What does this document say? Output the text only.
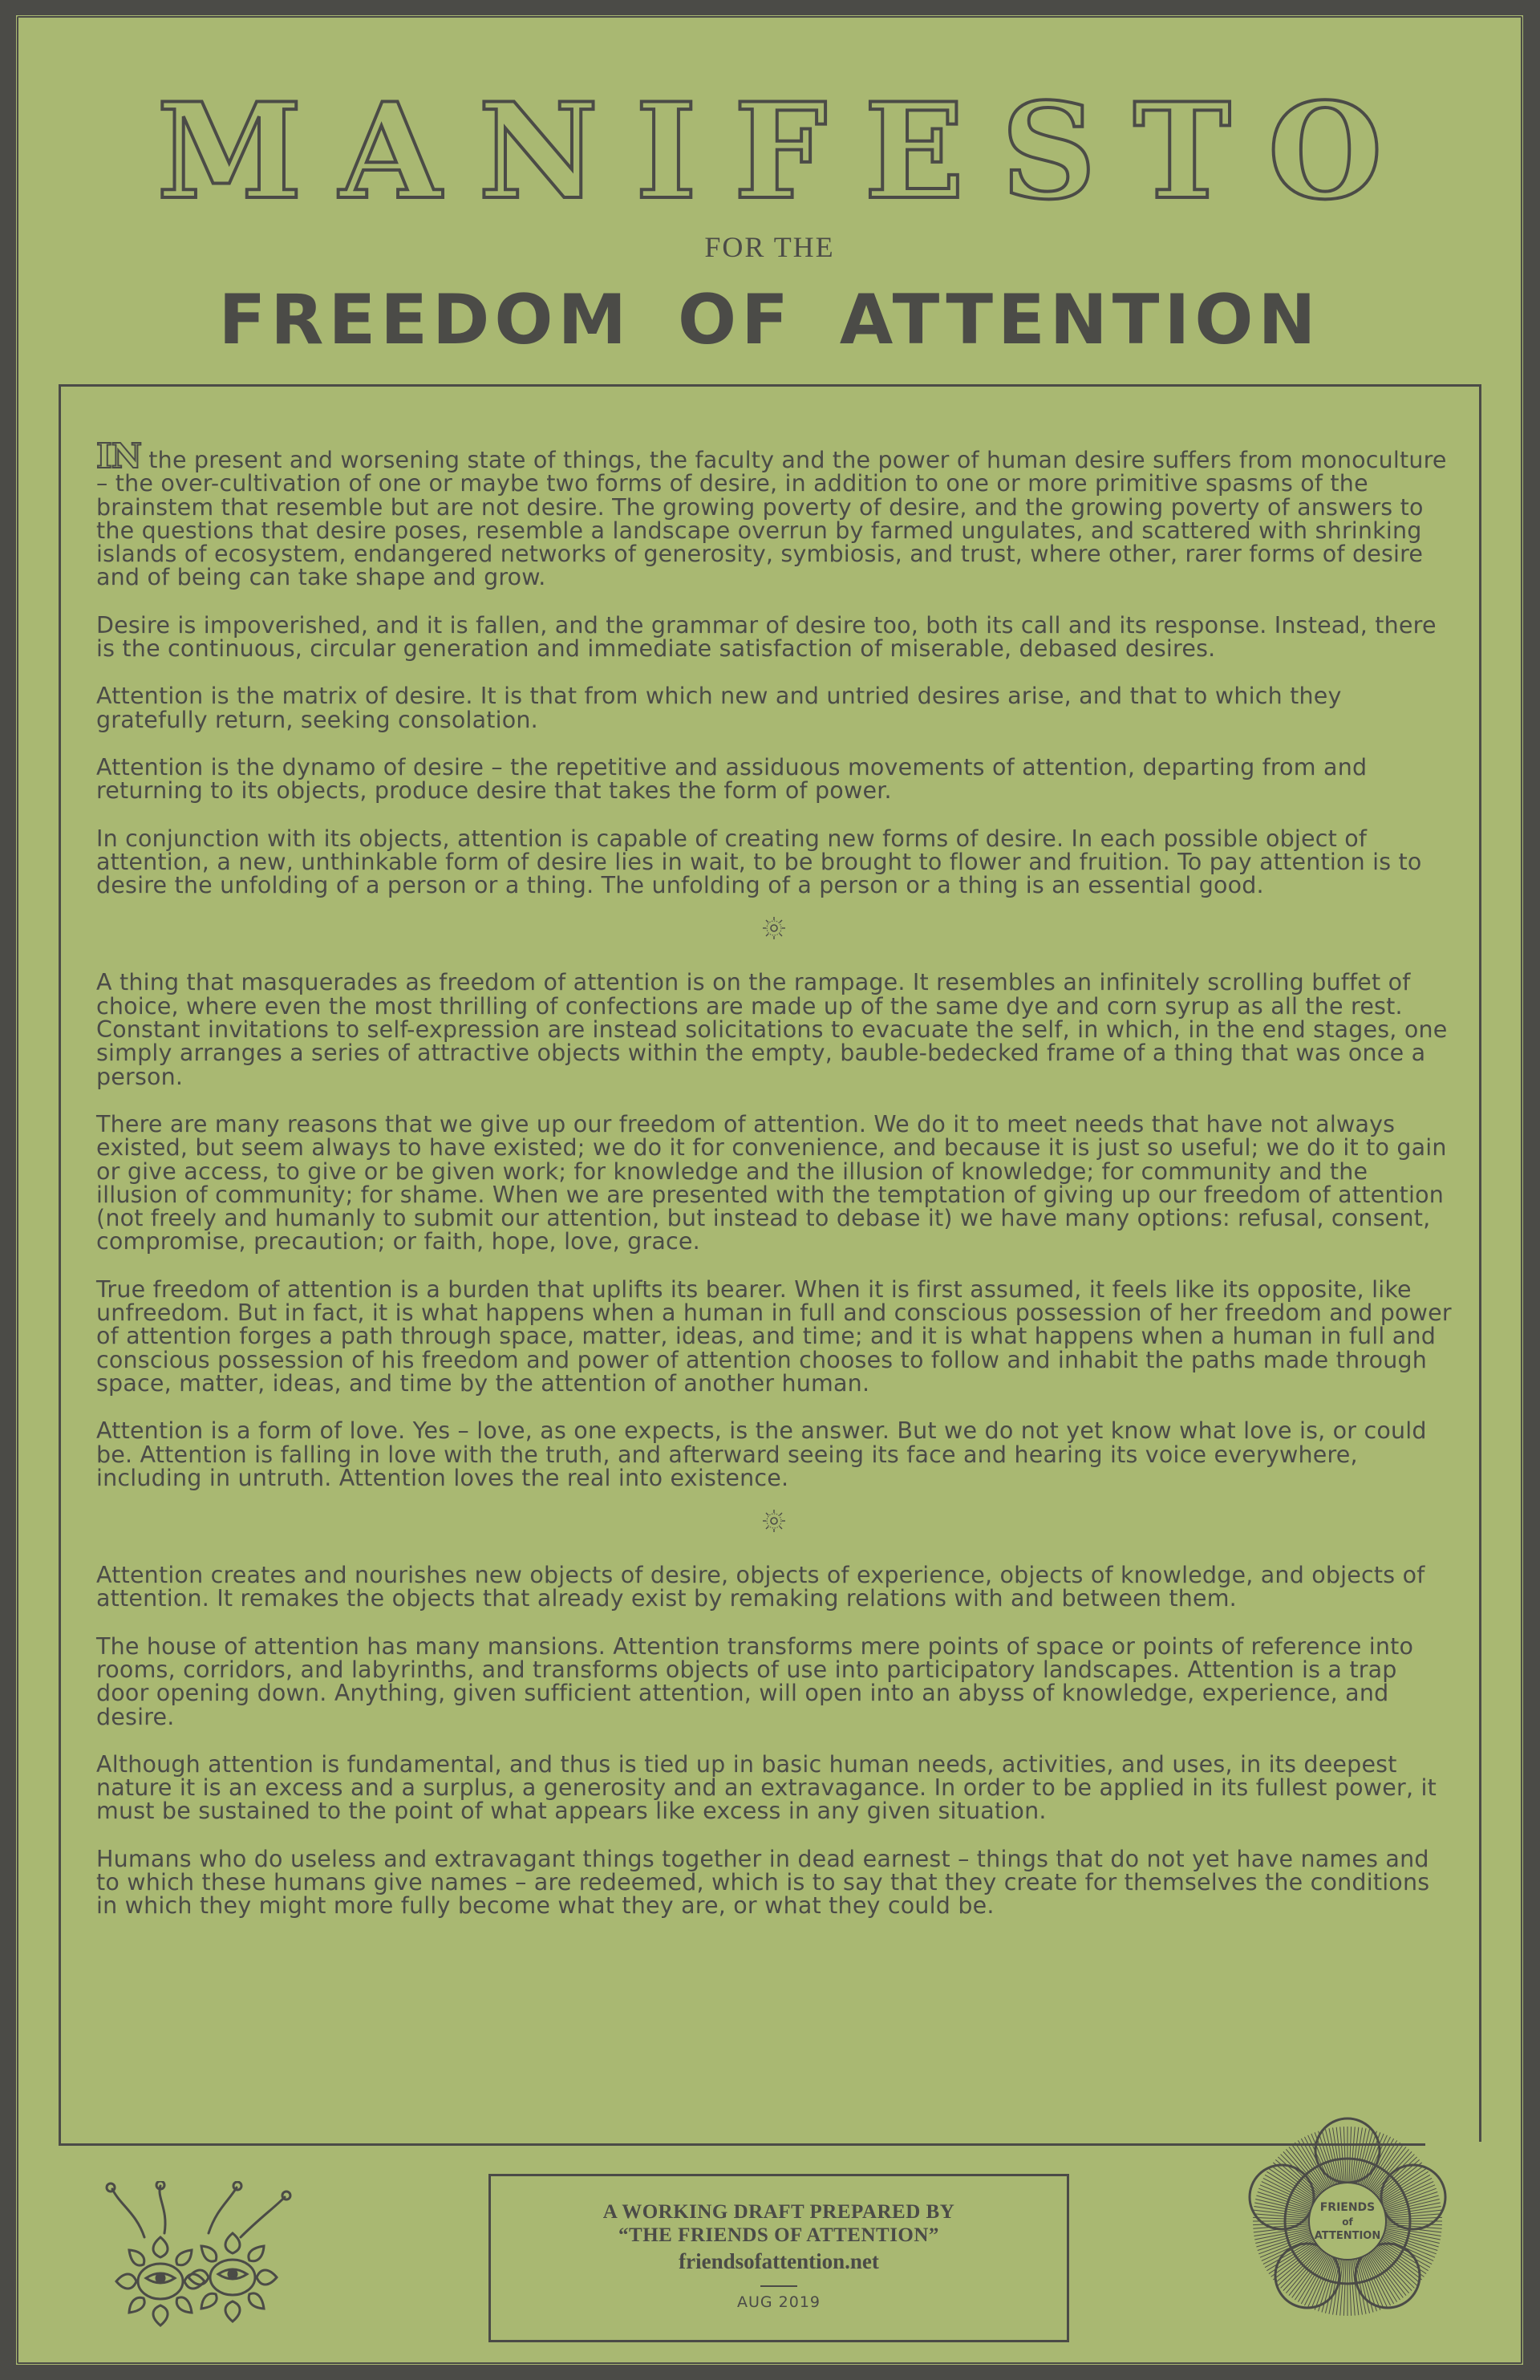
MANIFESTO
FOR THE
FREEDOM OF ATTENTION

IN the present and worsening state of things, the faculty and the power of human desire suffers from monoculture – the over-cultivation of one or maybe two forms of desire, in addition to one or more primitive spasms of the brainstem that resemble but are not desire. The growing poverty of desire, and the growing poverty of answers to the questions that desire poses, resemble a landscape overrun by farmed ungulates, and scattered with shrinking islands of ecosystem, endangered networks of generosity, symbiosis, and trust, where other, rarer forms of desire and of being can take shape and grow.

Desire is impoverished, and it is fallen, and the grammar of desire too, both its call and its response. Instead, there is the continuous, circular generation and immediate satisfaction of miserable, debased desires.

Attention is the matrix of desire. It is that from which new and untried desires arise, and that to which they gratefully return, seeking consolation.

Attention is the dynamo of desire – the repetitive and assiduous movements of attention, departing from and returning to its objects, produce desire that takes the form of power.

In conjunction with its objects, attention is capable of creating new forms of desire. In each possible object of attention, a new, unthinkable form of desire lies in wait, to be brought to flower and fruition. To pay attention is to desire the unfolding of a person or a thing. The unfolding of a person or a thing is an essential good.

A thing that masquerades as freedom of attention is on the rampage. It resembles an infinitely scrolling buffet of choice, where even the most thrilling of confections are made up of the same dye and corn syrup as all the rest. Constant invitations to self-expression are instead solicitations to evacuate the self, in which, in the end stages, one simply arranges a series of attractive objects within the empty, bauble-bedecked frame of a thing that was once a person.

There are many reasons that we give up our freedom of attention. We do it to meet needs that have not always existed, but seem always to have existed; we do it for convenience, and because it is just so useful; we do it to gain or give access, to give or be given work; for knowledge and the illusion of knowledge; for community and the illusion of community; for shame. When we are presented with the temptation of giving up our freedom of attention (not freely and humanly to submit our attention, but instead to debase it) we have many options: refusal, consent, compromise, precaution; or faith, hope, love, grace.

True freedom of attention is a burden that uplifts its bearer. When it is first assumed, it feels like its opposite, like unfreedom. But in fact, it is what happens when a human in full and conscious possession of her freedom and power of attention forges a path through space, matter, ideas, and time; and it is what happens when a human in full and conscious possession of his freedom and power of attention chooses to follow and inhabit the paths made through space, matter, ideas, and time by the attention of another human.

Attention is a form of love. Yes – love, as one expects, is the answer. But we do not yet know what love is, or could be. Attention is falling in love with the truth, and afterward seeing its face and hearing its voice everywhere, including in untruth. Attention loves the real into existence.

Attention creates and nourishes new objects of desire, objects of experience, objects of knowledge, and objects of attention. It remakes the objects that already exist by remaking relations with and between them.

The house of attention has many mansions. Attention transforms mere points of space or points of reference into rooms, corridors, and labyrinths, and transforms objects of use into participatory landscapes. Attention is a trap door opening down. Anything, given sufficient attention, will open into an abyss of knowledge, experience, and desire.

Although attention is fundamental, and thus is tied up in basic human needs, activities, and uses, in its deepest nature it is an excess and a surplus, a generosity and an extravagance. In order to be applied in its fullest power, it must be sustained to the point of what appears like excess in any given situation.

Humans who do useless and extravagant things together in dead earnest – things that do not yet have names and to which these humans give names – are redeemed, which is to say that they create for themselves the conditions in which they might more fully become what they are, or what they could be.

A WORKING DRAFT PREPARED BY
“THE FRIENDS OF ATTENTION”
friendsofattention.net
AUG 2019
FRIENDS
of
ATTENTION
